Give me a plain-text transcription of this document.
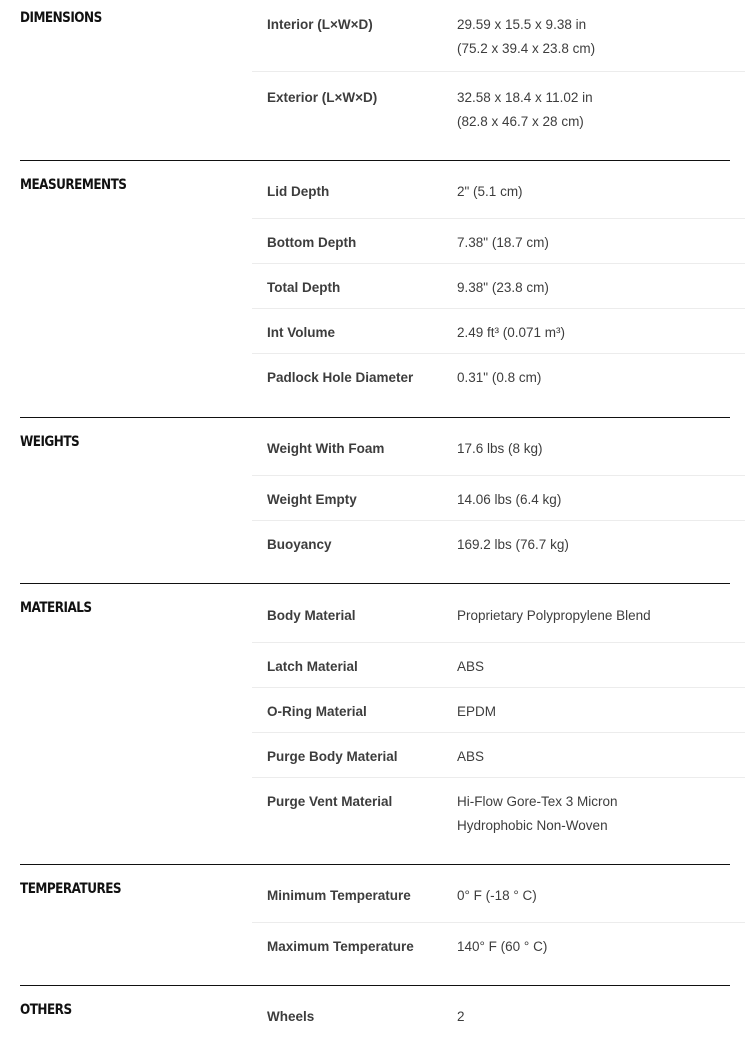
DIMENSIONS	Interior (L×W×D)	29.59 x 15.5 x 9.38 in
(75.2 x 39.4 x 23.8 cm)
Exterior (L×W×D)	32.58 x 18.4 x 11.02 in
(82.8 x 46.7 x 28 cm)
MEASUREMENTS	Lid Depth	2" (5.1 cm)
Bottom Depth	7.38" (18.7 cm)
Total Depth	9.38" (23.8 cm)
Int Volume	2.49 ft³ (0.071 m³)
Padlock Hole Diameter	0.31" (0.8 cm)
WEIGHTS	Weight With Foam	17.6 lbs (8 kg)
Weight Empty	14.06 lbs (6.4 kg)
Buoyancy	169.2 lbs (76.7 kg)
MATERIALS	Body Material	Proprietary Polypropylene Blend
Latch Material	ABS
O-Ring Material	EPDM
Purge Body Material	ABS
Purge Vent Material	Hi-Flow Gore-Tex 3 Micron
Hydrophobic Non-Woven
TEMPERATURES	Minimum Temperature	0° F (-18 ° C)
Maximum Temperature	140° F (60 ° C)
OTHERS	Wheels	2
